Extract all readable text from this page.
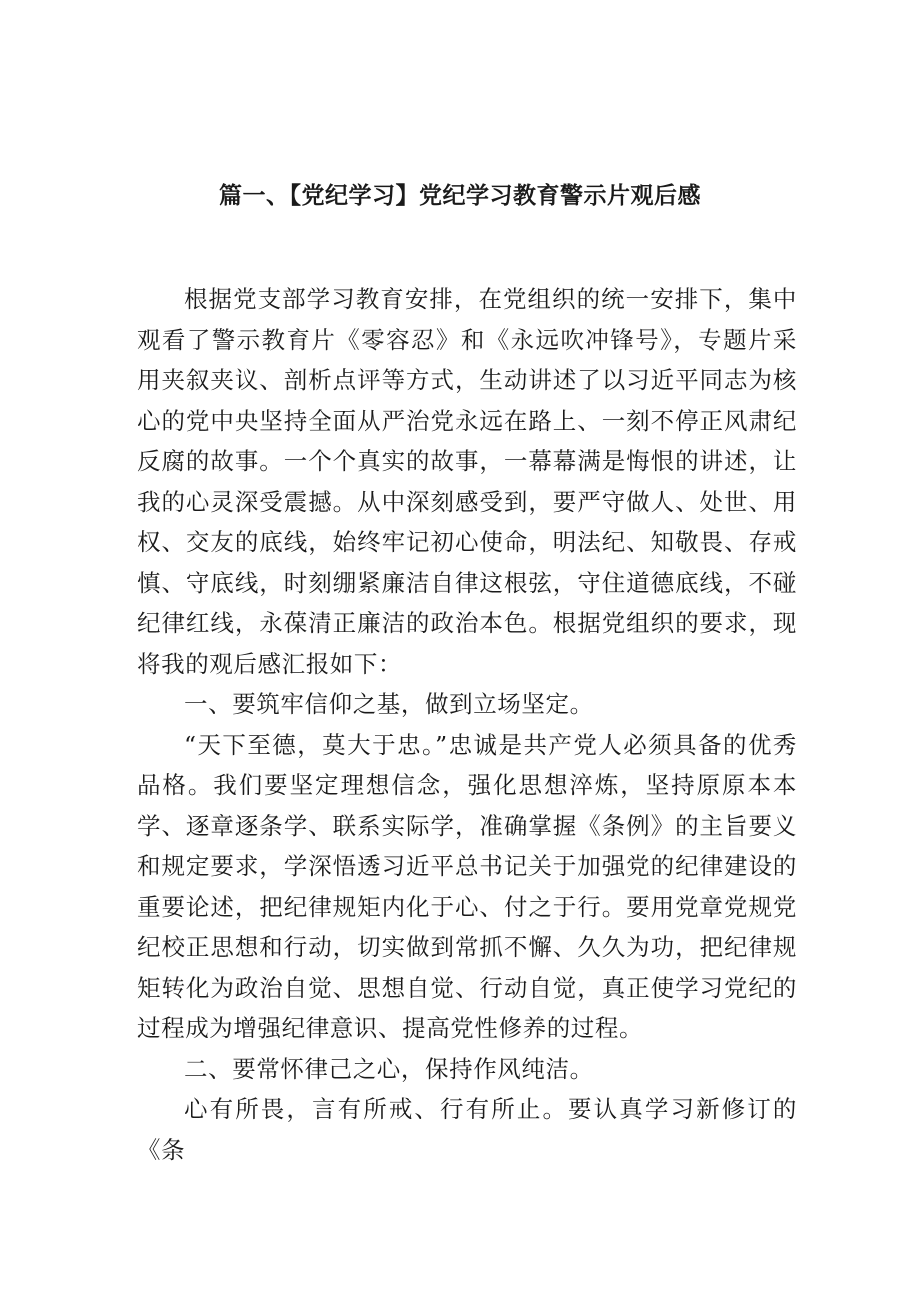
篇一、【党纪学习】党纪学习教育警示片观后感

根据党支部学习教育安排，在党组织的统一安排下，集中观看了警示教育片《零容忍》和《永远吹冲锋号》，专题片采用夹叙夹议、剖析点评等方式，生动讲述了以习近平同志为核心的党中央坚持全面从严治党永远在路上、一刻不停正风肃纪反腐的故事。一个个真实的故事，一幕幕满是悔恨的讲述，让我的心灵深受震撼。从中深刻感受到，要严守做人、处世、用权、交友的底线，始终牢记初心使命，明法纪、知敬畏、存戒慎、守底线，时刻绷紧廉洁自律这根弦，守住道德底线，不碰纪律红线，永葆清正廉洁的政治本色。根据党组织的要求，现将我的观后感汇报如下：

一、要筑牢信仰之基，做到立场坚定。

“天下至德，莫大于忠。”忠诚是共产党人必须具备的优秀品格。我们要坚定理想信念，强化思想淬炼，坚持原原本本学、逐章逐条学、联系实际学，准确掌握《条例》的主旨要义和规定要求，学深悟透习近平总书记关于加强党的纪律建设的重要论述，把纪律规矩内化于心、付之于行。要用党章党规党纪校正思想和行动，切实做到常抓不懈、久久为功，把纪律规矩转化为政治自觉、思想自觉、行动自觉，真正使学习党纪的过程成为增强纪律意识、提高党性修养的过程。

二、要常怀律己之心，保持作风纯洁。

心有所畏，言有所戒、行有所止。要认真学习新修订的《条
